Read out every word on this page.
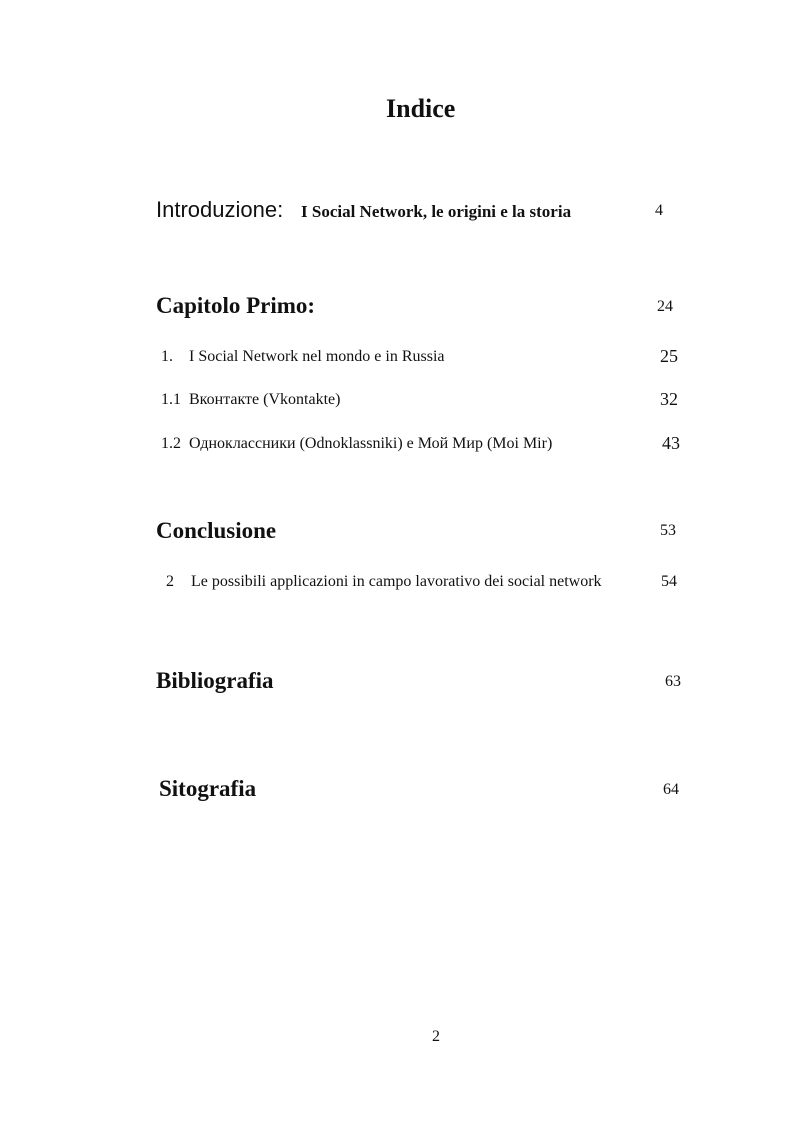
Indice
Introduzione: I Social Network, le origini e la storia	4
Capitolo Primo:	24
1. I Social Network nel mondo e in Russia	25
1.1 Вконтакте (Vkontakte)	32
1.2 Одноклассники (Odnoklassniki) e Мой Мир (Moi Mir)	43
Conclusione	53
2 Le possibili applicazioni in campo lavorativo dei social network	54
Bibliografia	63
Sitografia	64
2
